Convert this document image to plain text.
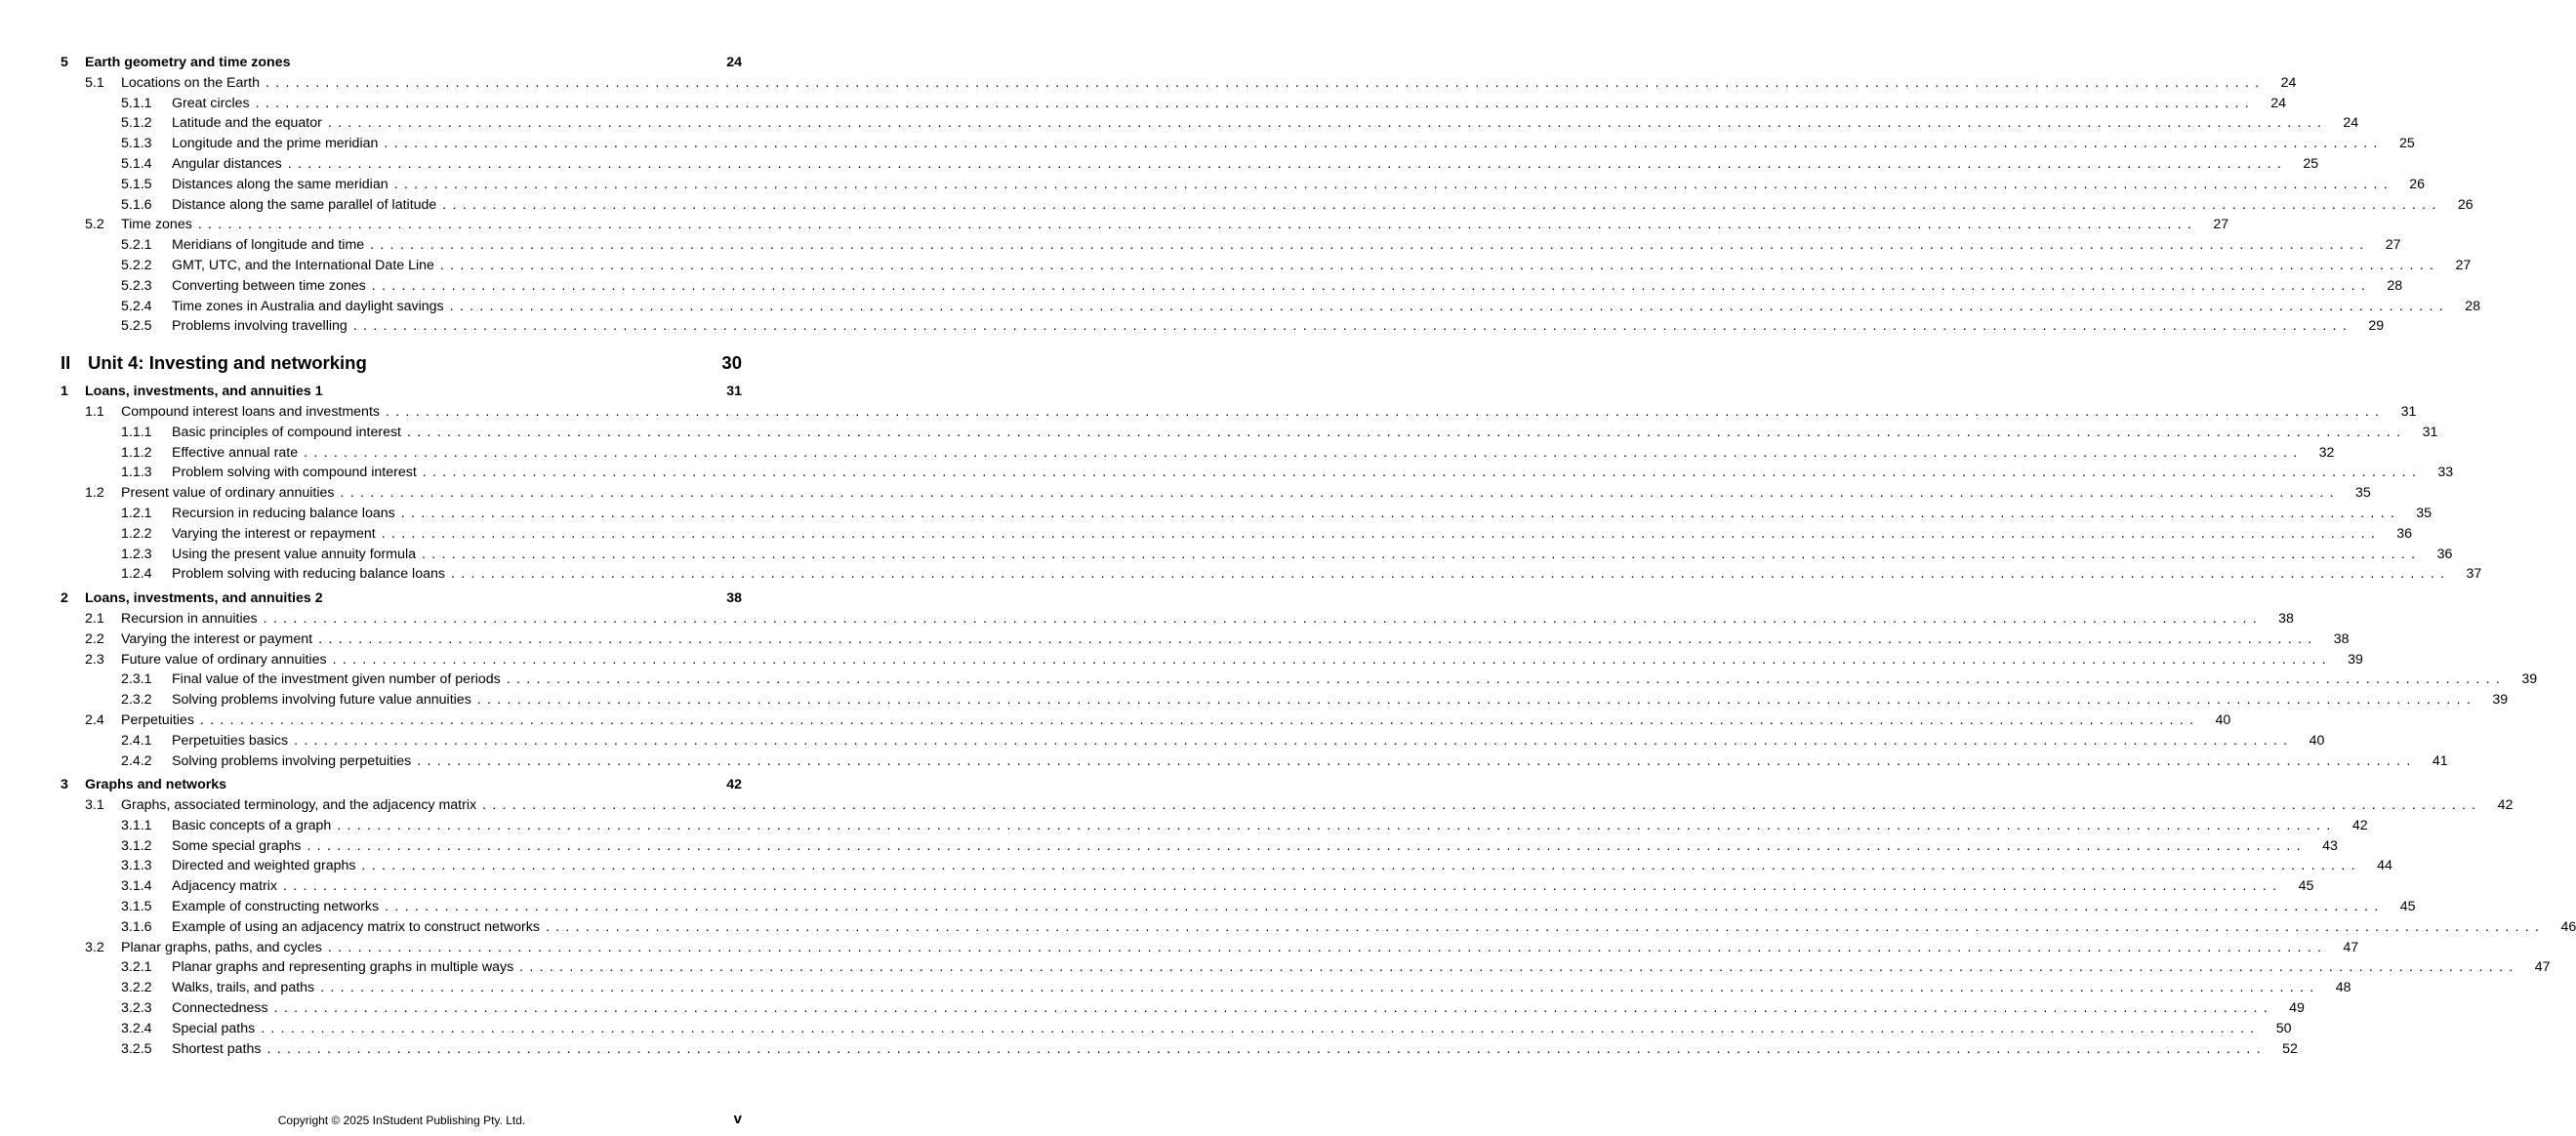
5	Earth geometry and time zones	24
5.1	Locations on the Earth ........................................................................................................................................................................................................	24
5.1.1	Great circles ........................................................................................................................................................................................................	24
5.1.2	Latitude and the equator ........................................................................................................................................................................................................	24
5.1.3	Longitude and the prime meridian ........................................................................................................................................................................................................	25
5.1.4	Angular distances ........................................................................................................................................................................................................	25
5.1.5	Distances along the same meridian ........................................................................................................................................................................................................	26
5.1.6	Distance along the same parallel of latitude ........................................................................................................................................................................................................	26
5.2	Time zones ........................................................................................................................................................................................................	27
5.2.1	Meridians of longitude and time ........................................................................................................................................................................................................	27
5.2.2	GMT, UTC, and the International Date Line ........................................................................................................................................................................................................	27
5.2.3	Converting between time zones ........................................................................................................................................................................................................	28
5.2.4	Time zones in Australia and daylight savings ........................................................................................................................................................................................................	28
5.2.5	Problems involving travelling ........................................................................................................................................................................................................	29
II Unit 4: Investing and networking	30
1	Loans, investments, and annuities 1	31
1.1	Compound interest loans and investments ........................................................................................................................................................................................................	31
1.1.1	Basic principles of compound interest ........................................................................................................................................................................................................	31
1.1.2	Effective annual rate ........................................................................................................................................................................................................	32
1.1.3	Problem solving with compound interest ........................................................................................................................................................................................................	33
1.2	Present value of ordinary annuities ........................................................................................................................................................................................................	35
1.2.1	Recursion in reducing balance loans ........................................................................................................................................................................................................	35
1.2.2	Varying the interest or repayment ........................................................................................................................................................................................................	36
1.2.3	Using the present value annuity formula ........................................................................................................................................................................................................	36
1.2.4	Problem solving with reducing balance loans ........................................................................................................................................................................................................	37
2	Loans, investments, and annuities 2	38
2.1	Recursion in annuities ........................................................................................................................................................................................................	38
2.2	Varying the interest or payment ........................................................................................................................................................................................................	38
2.3	Future value of ordinary annuities ........................................................................................................................................................................................................	39
2.3.1	Final value of the investment given number of periods ........................................................................................................................................................................................................	39
2.3.2	Solving problems involving future value annuities ........................................................................................................................................................................................................	39
2.4	Perpetuities ........................................................................................................................................................................................................	40
2.4.1	Perpetuities basics ........................................................................................................................................................................................................	40
2.4.2	Solving problems involving perpetuities ........................................................................................................................................................................................................	41
3	Graphs and networks	42
3.1	Graphs, associated terminology, and the adjacency matrix ........................................................................................................................................................................................................	42
3.1.1	Basic concepts of a graph ........................................................................................................................................................................................................	42
3.1.2	Some special graphs ........................................................................................................................................................................................................	43
3.1.3	Directed and weighted graphs ........................................................................................................................................................................................................	44
3.1.4	Adjacency matrix ........................................................................................................................................................................................................	45
3.1.5	Example of constructing networks ........................................................................................................................................................................................................	45
3.1.6	Example of using an adjacency matrix to construct networks ........................................................................................................................................................................................................	46
3.2	Planar graphs, paths, and cycles ........................................................................................................................................................................................................	47
3.2.1	Planar graphs and representing graphs in multiple ways ........................................................................................................................................................................................................	47
3.2.2	Walks, trails, and paths ........................................................................................................................................................................................................	48
3.2.3	Connectedness ........................................................................................................................................................................................................	49
3.2.4	Special paths ........................................................................................................................................................................................................	50
3.2.5	Shortest paths ........................................................................................................................................................................................................	52
Copyright © 2025 InStudent Publishing Pty. Ltd.	v
